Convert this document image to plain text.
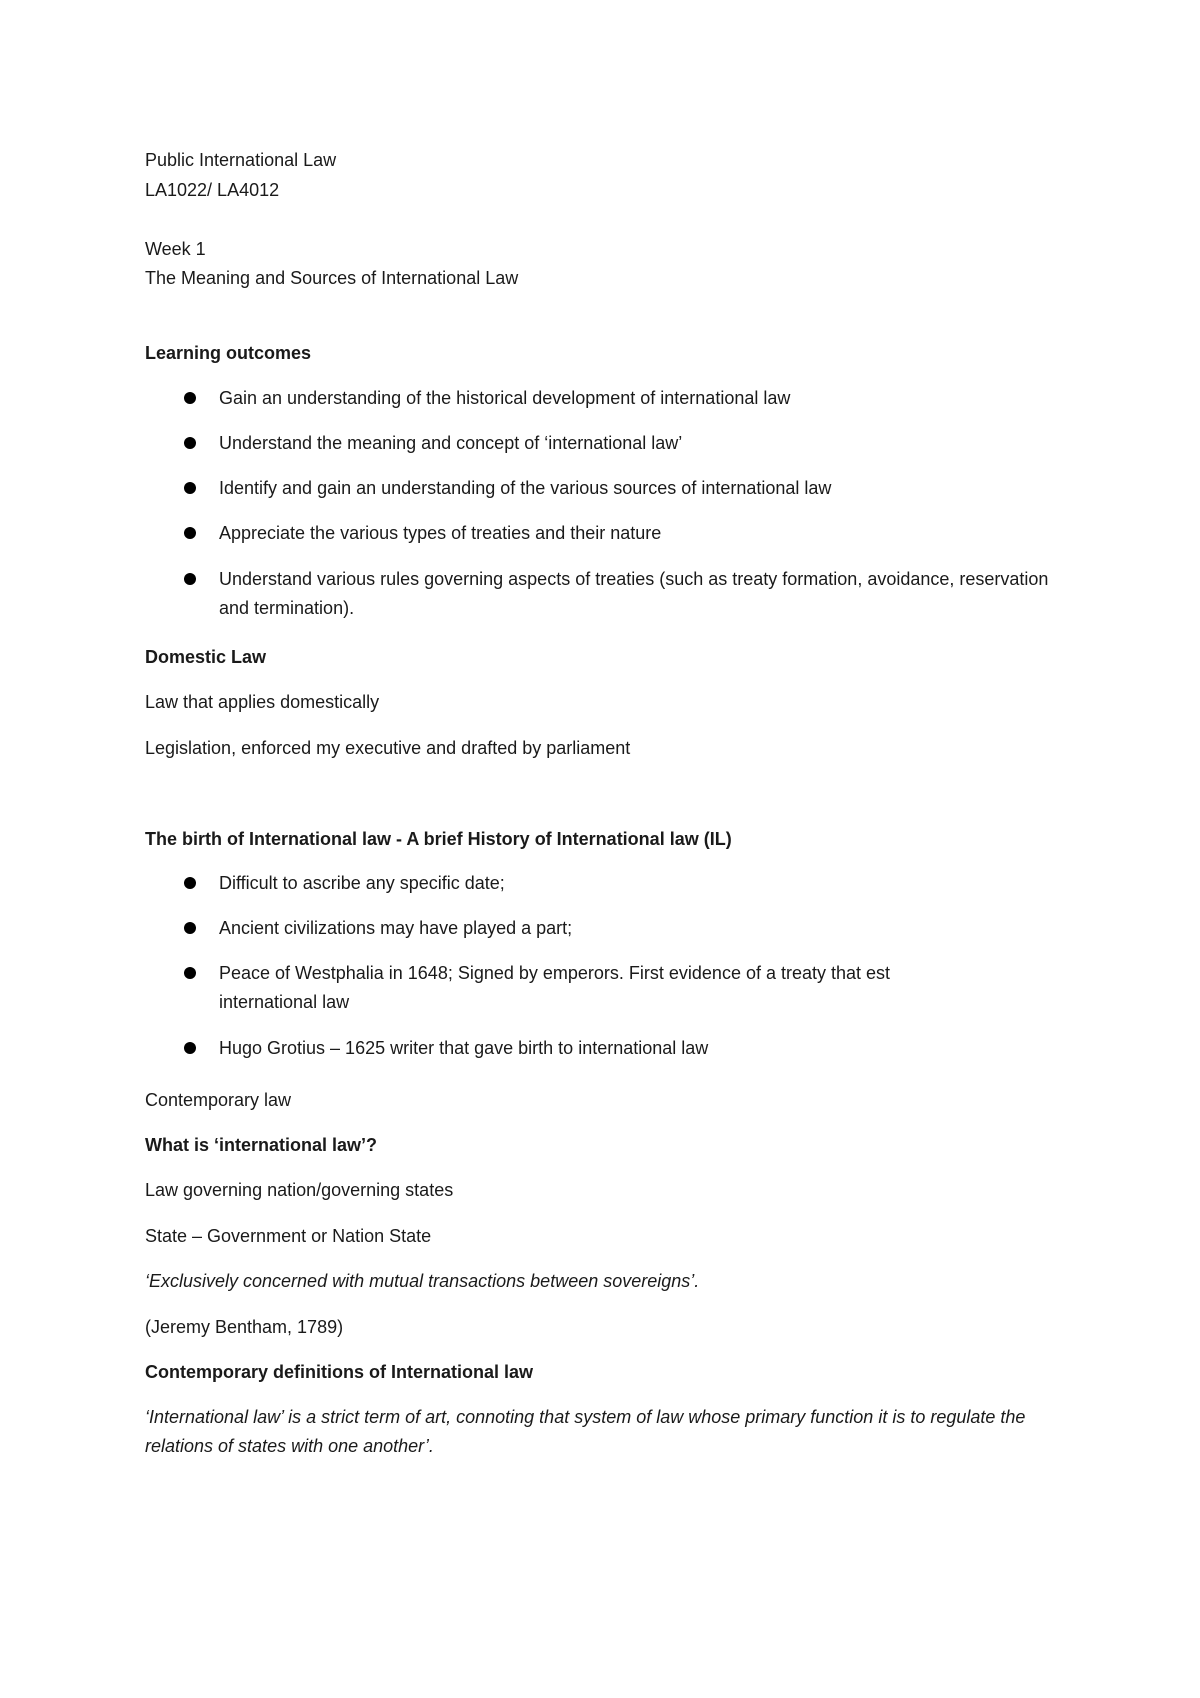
Public International Law
LA1022/ LA4012
Week 1
The Meaning and Sources of International Law
Learning outcomes
Gain an understanding of the historical development of international law
Understand the meaning and concept of ‘international law’
Identify and gain an understanding of the various sources of international law
Appreciate the various types of treaties and their nature
Understand various rules governing aspects of treaties (such as treaty formation, avoidance, reservation and termination).
Domestic Law
Law that applies domestically
Legislation, enforced my executive and drafted by parliament
The birth of International law - A brief History of International law (IL)
Difficult to ascribe any specific date;
Ancient civilizations may have played a part;
Peace of Westphalia in 1648; Signed by emperors. First evidence of a treaty that est international law
Hugo Grotius – 1625 writer that gave birth to international law
Contemporary law
What is ‘international law’?
Law governing nation/governing states
State – Government or Nation State
‘Exclusively concerned with mutual transactions between sovereigns’.
(Jeremy Bentham, 1789)
Contemporary definitions of International law
‘International law’ is a strict term of art, connoting that system of law whose primary function it is to regulate the relations of states with one another’.
